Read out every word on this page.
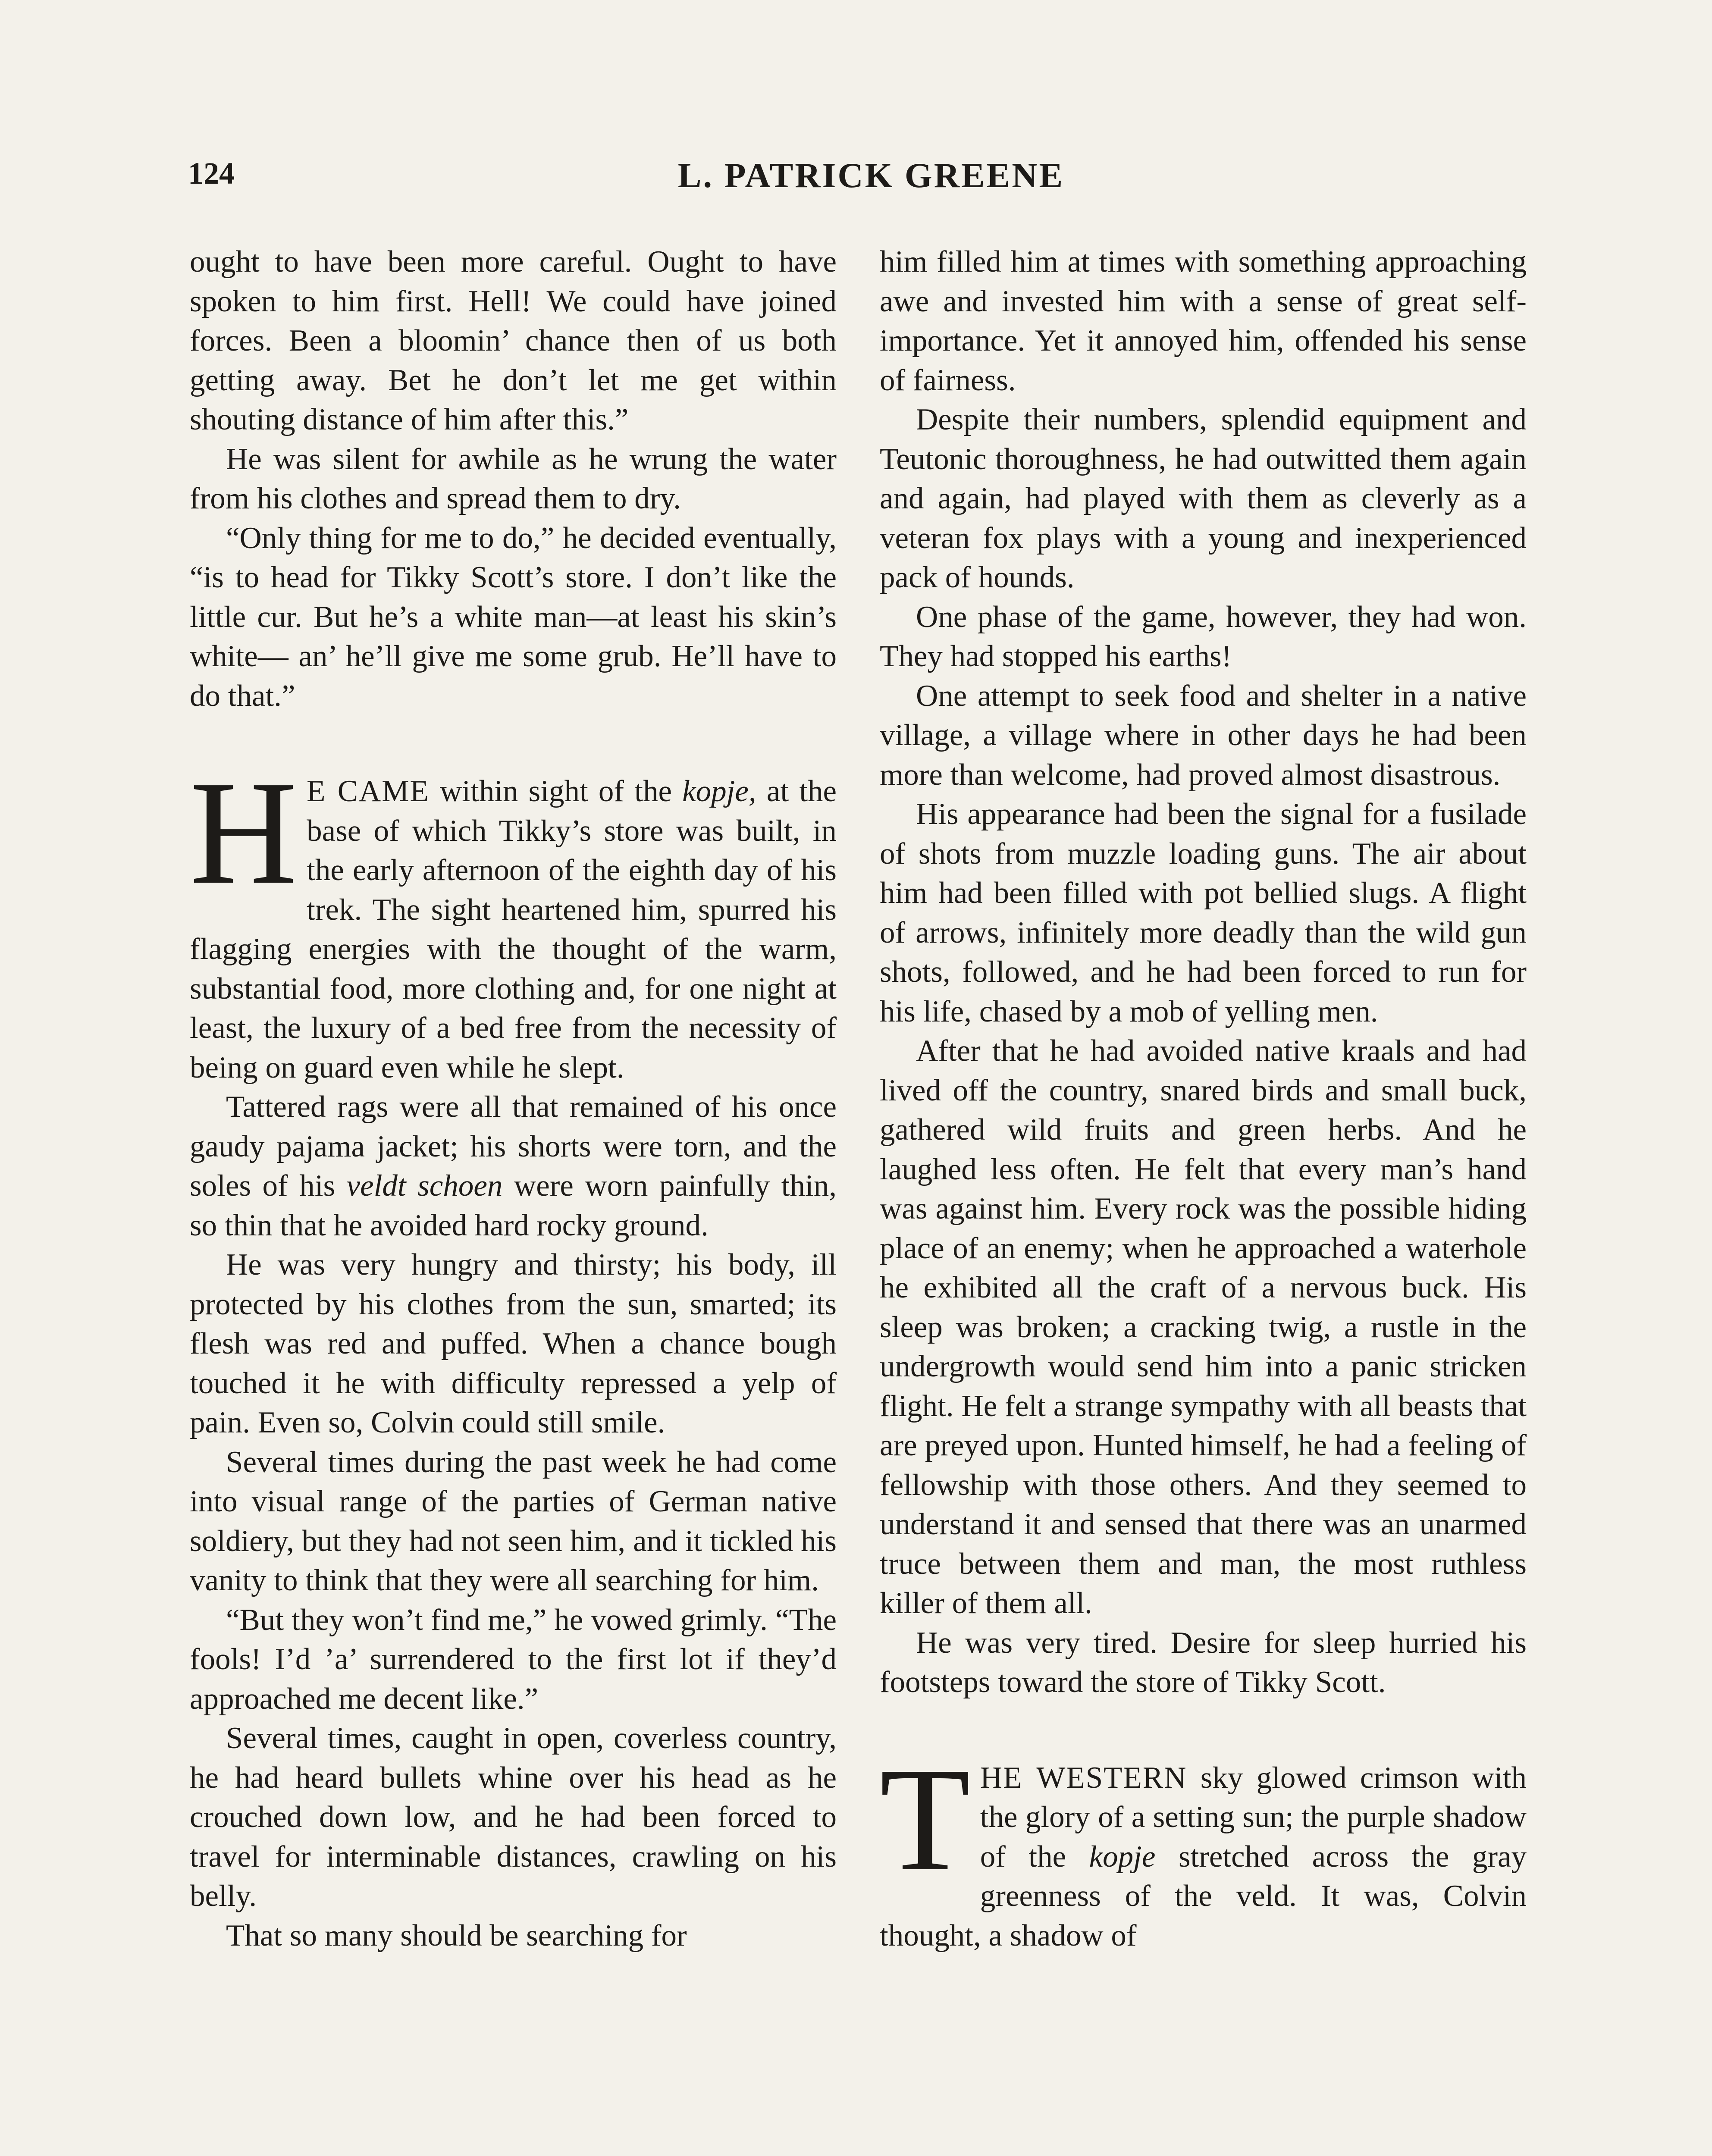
124	L. PATRICK GREENE

ought to have been more careful. Ought to have spoken to him first. Hell! We could have joined forces. Been a bloomin’ chance then of us both getting away. Bet he don’t let me get within shouting distance of him after this.”

He was silent for awhile as he wrung the water from his clothes and spread them to dry.

“Only thing for me to do,” he decided eventually, “is to head for Tikky Scott’s store. I don’t like the little cur. But he’s a white man—at least his skin’s white— an’ he’ll give me some grub. He’ll have to do that.”

H E CAME within sight of the kopje, at the base of which Tikky’s store was built, in the early afternoon of the eighth day of his trek. The sight heartened him, spurred his flagging energies with the thought of the warm, substantial food, more clothing and, for one night at least, the luxury of a bed free from the necessity of being on guard even while he slept.

Tattered rags were all that remained of his once gaudy pajama jacket; his shorts were torn, and the soles of his veldt schoen were worn painfully thin, so thin that he avoided hard rocky ground.

He was very hungry and thirsty; his body, ill protected by his clothes from the sun, smarted; its flesh was red and puffed. When a chance bough touched it he with difficulty repressed a yelp of pain. Even so, Colvin could still smile.

Several times during the past week he had come into visual range of the parties of German native soldiery, but they had not seen him, and it tickled his vanity to think that they were all searching for him.

“But they won’t find me,” he vowed grimly. “The fools! I’d ’a’ surrendered to the first lot if they’d approached me decent like.”

Several times, caught in open, coverless country, he had heard bullets whine over his head as he crouched down low, and he had been forced to travel for interminable distances, crawling on his belly.

That so many should be searching for

him filled him at times with something approaching awe and invested him with a sense of great self-importance. Yet it annoyed him, offended his sense of fairness.

Despite their numbers, splendid equipment and Teutonic thoroughness, he had outwitted them again and again, had played with them as cleverly as a veteran fox plays with a young and inexperienced pack of hounds.

One phase of the game, however, they had won. They had stopped his earths!

One attempt to seek food and shelter in a native village, a village where in other days he had been more than welcome, had proved almost disastrous.

His appearance had been the signal for a fusilade of shots from muzzle loading guns. The air about him had been filled with pot bellied slugs. A flight of arrows, infinitely more deadly than the wild gun shots, followed, and he had been forced to run for his life, chased by a mob of yelling men.

After that he had avoided native kraals and had lived off the country, snared birds and small buck, gathered wild fruits and green herbs. And he laughed less often. He felt that every man’s hand was against him. Every rock was the possible hiding place of an enemy; when he approached a waterhole he exhibited all the craft of a nervous buck. His sleep was broken; a cracking twig, a rustle in the undergrowth would send him into a panic stricken flight. He felt a strange sympathy with all beasts that are preyed upon. Hunted himself, he had a feeling of fellowship with those others. And they seemed to understand it and sensed that there was an unarmed truce between them and man, the most ruthless killer of them all.

He was very tired. Desire for sleep hurried his footsteps toward the store of Tikky Scott.

THE WESTERN sky glowed crimson with the glory of a setting sun; the purple shadow of the kopje stretched across the gray greenness of the veld. It was, Colvin thought, a shadow of
